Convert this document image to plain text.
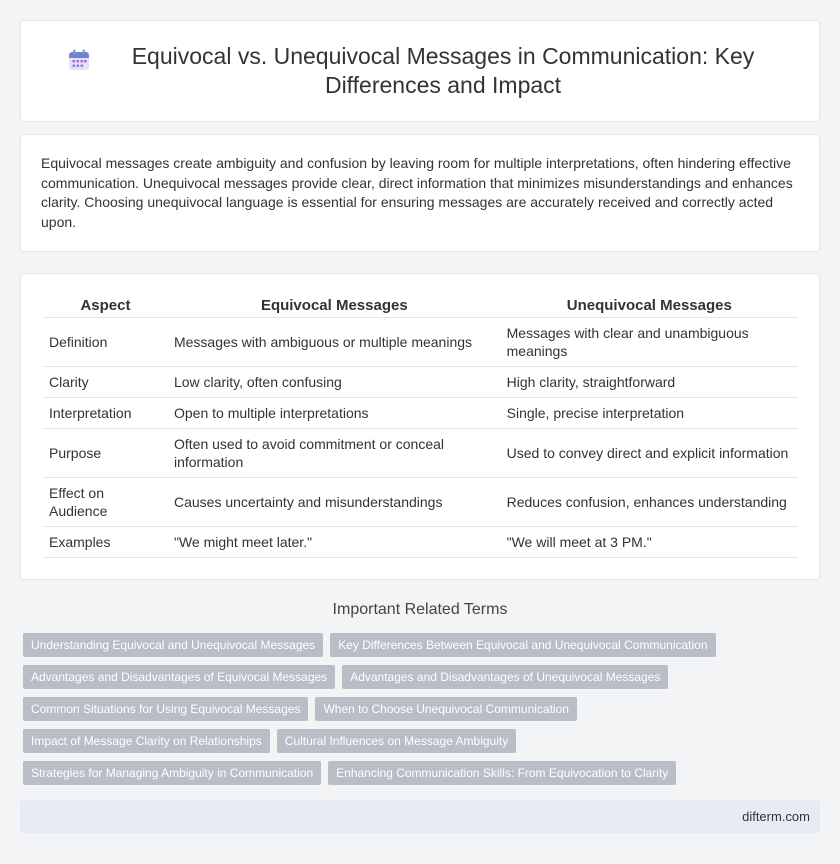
Equivocal vs. Unequivocal Messages in Communication: Key Differences and Impact

Equivocal messages create ambiguity and confusion by leaving room for multiple interpretations, often hindering effective communication. Unequivocal messages provide clear, direct information that minimizes misunderstandings and enhances clarity. Choosing unequivocal language is essential for ensuring messages are accurately received and correctly acted upon.

Aspect	Equivocal Messages	Unequivocal Messages
Definition	Messages with ambiguous or multiple meanings	Messages with clear and unambiguous meanings
Clarity	Low clarity, often confusing	High clarity, straightforward
Interpretation	Open to multiple interpretations	Single, precise interpretation
Purpose	Often used to avoid commitment or conceal information	Used to convey direct and explicit information
Effect on Audience	Causes uncertainty and misunderstandings	Reduces confusion, enhances understanding
Examples	"We might meet later."	"We will meet at 3 PM."
Important Related Terms
Understanding Equivocal and Unequivocal Messages	Key Differences Between Equivocal and Unequivocal Communication
Advantages and Disadvantages of Equivocal Messages	Advantages and Disadvantages of Unequivocal Messages
Common Situations for Using Equivocal Messages	When to Choose Unequivocal Communication
Impact of Message Clarity on Relationships	Cultural Influences on Message Ambiguity
Strategies for Managing Ambiguity in Communication	Enhancing Communication Skills: From Equivocation to Clarity
difterm.com
